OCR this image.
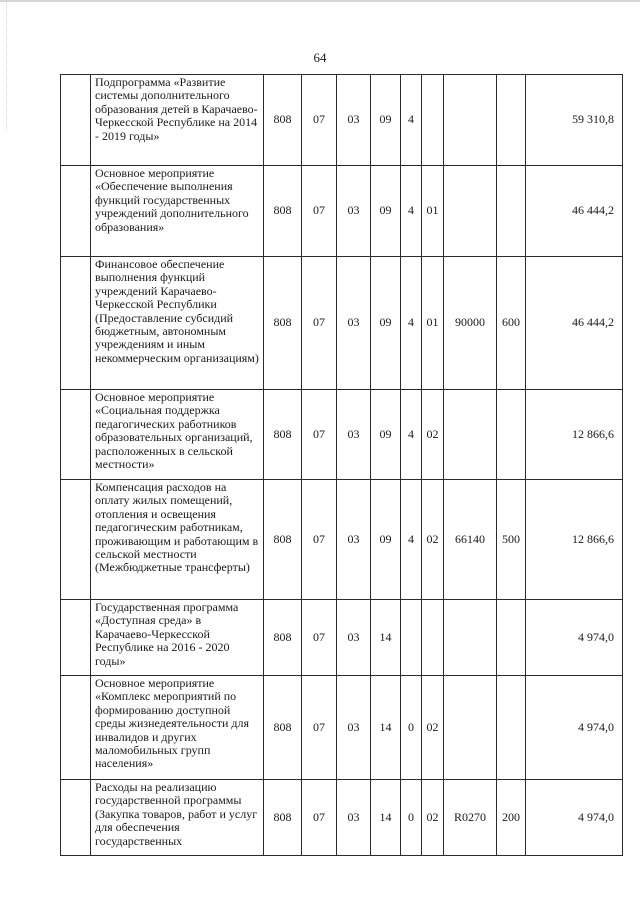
64
	Подпрограмма «Развитие системы дополнительного образования детей в Карачаево-Черкесской Республике на 2014 - 2019 годы»	808	07	03	09	4				59 310,8
	Основное мероприятие «Обеспечение выполнения функций государственных учреждений дополнительного образования»	808	07	03	09	4	01			46 444,2
	Финансовое обеспечение выполнения функций учреждений Карачаево-Черкесской Республики (Предоставление субсидий бюджетным, автономным учреждениям и иным некоммерческим организациям)	808	07	03	09	4	01	90000	600	46 444,2
	Основное мероприятие «Социальная поддержка педагогических работников образовательных организаций, расположенных в сельской местности»	808	07	03	09	4	02			12 866,6
	Компенсация расходов на оплату жилых помещений, отопления и освещения педагогическим работникам, проживающим и работающим в сельской местности (Межбюджетные трансферты)	808	07	03	09	4	02	66140	500	12 866,6
	Государственная программа «Доступная среда» в Карачаево-Черкесской Республике на 2016 - 2020 годы»	808	07	03	14					4 974,0
	Основное мероприятие «Комплекс мероприятий по формированию доступной среды жизнедеятельности для инвалидов и других маломобильных групп населения»	808	07	03	14	0	02			4 974,0
	Расходы на реализацию государственной программы (Закупка товаров, работ и услуг для обеспечения государственных	808	07	03	14	0	02	R0270	200	4 974,0
